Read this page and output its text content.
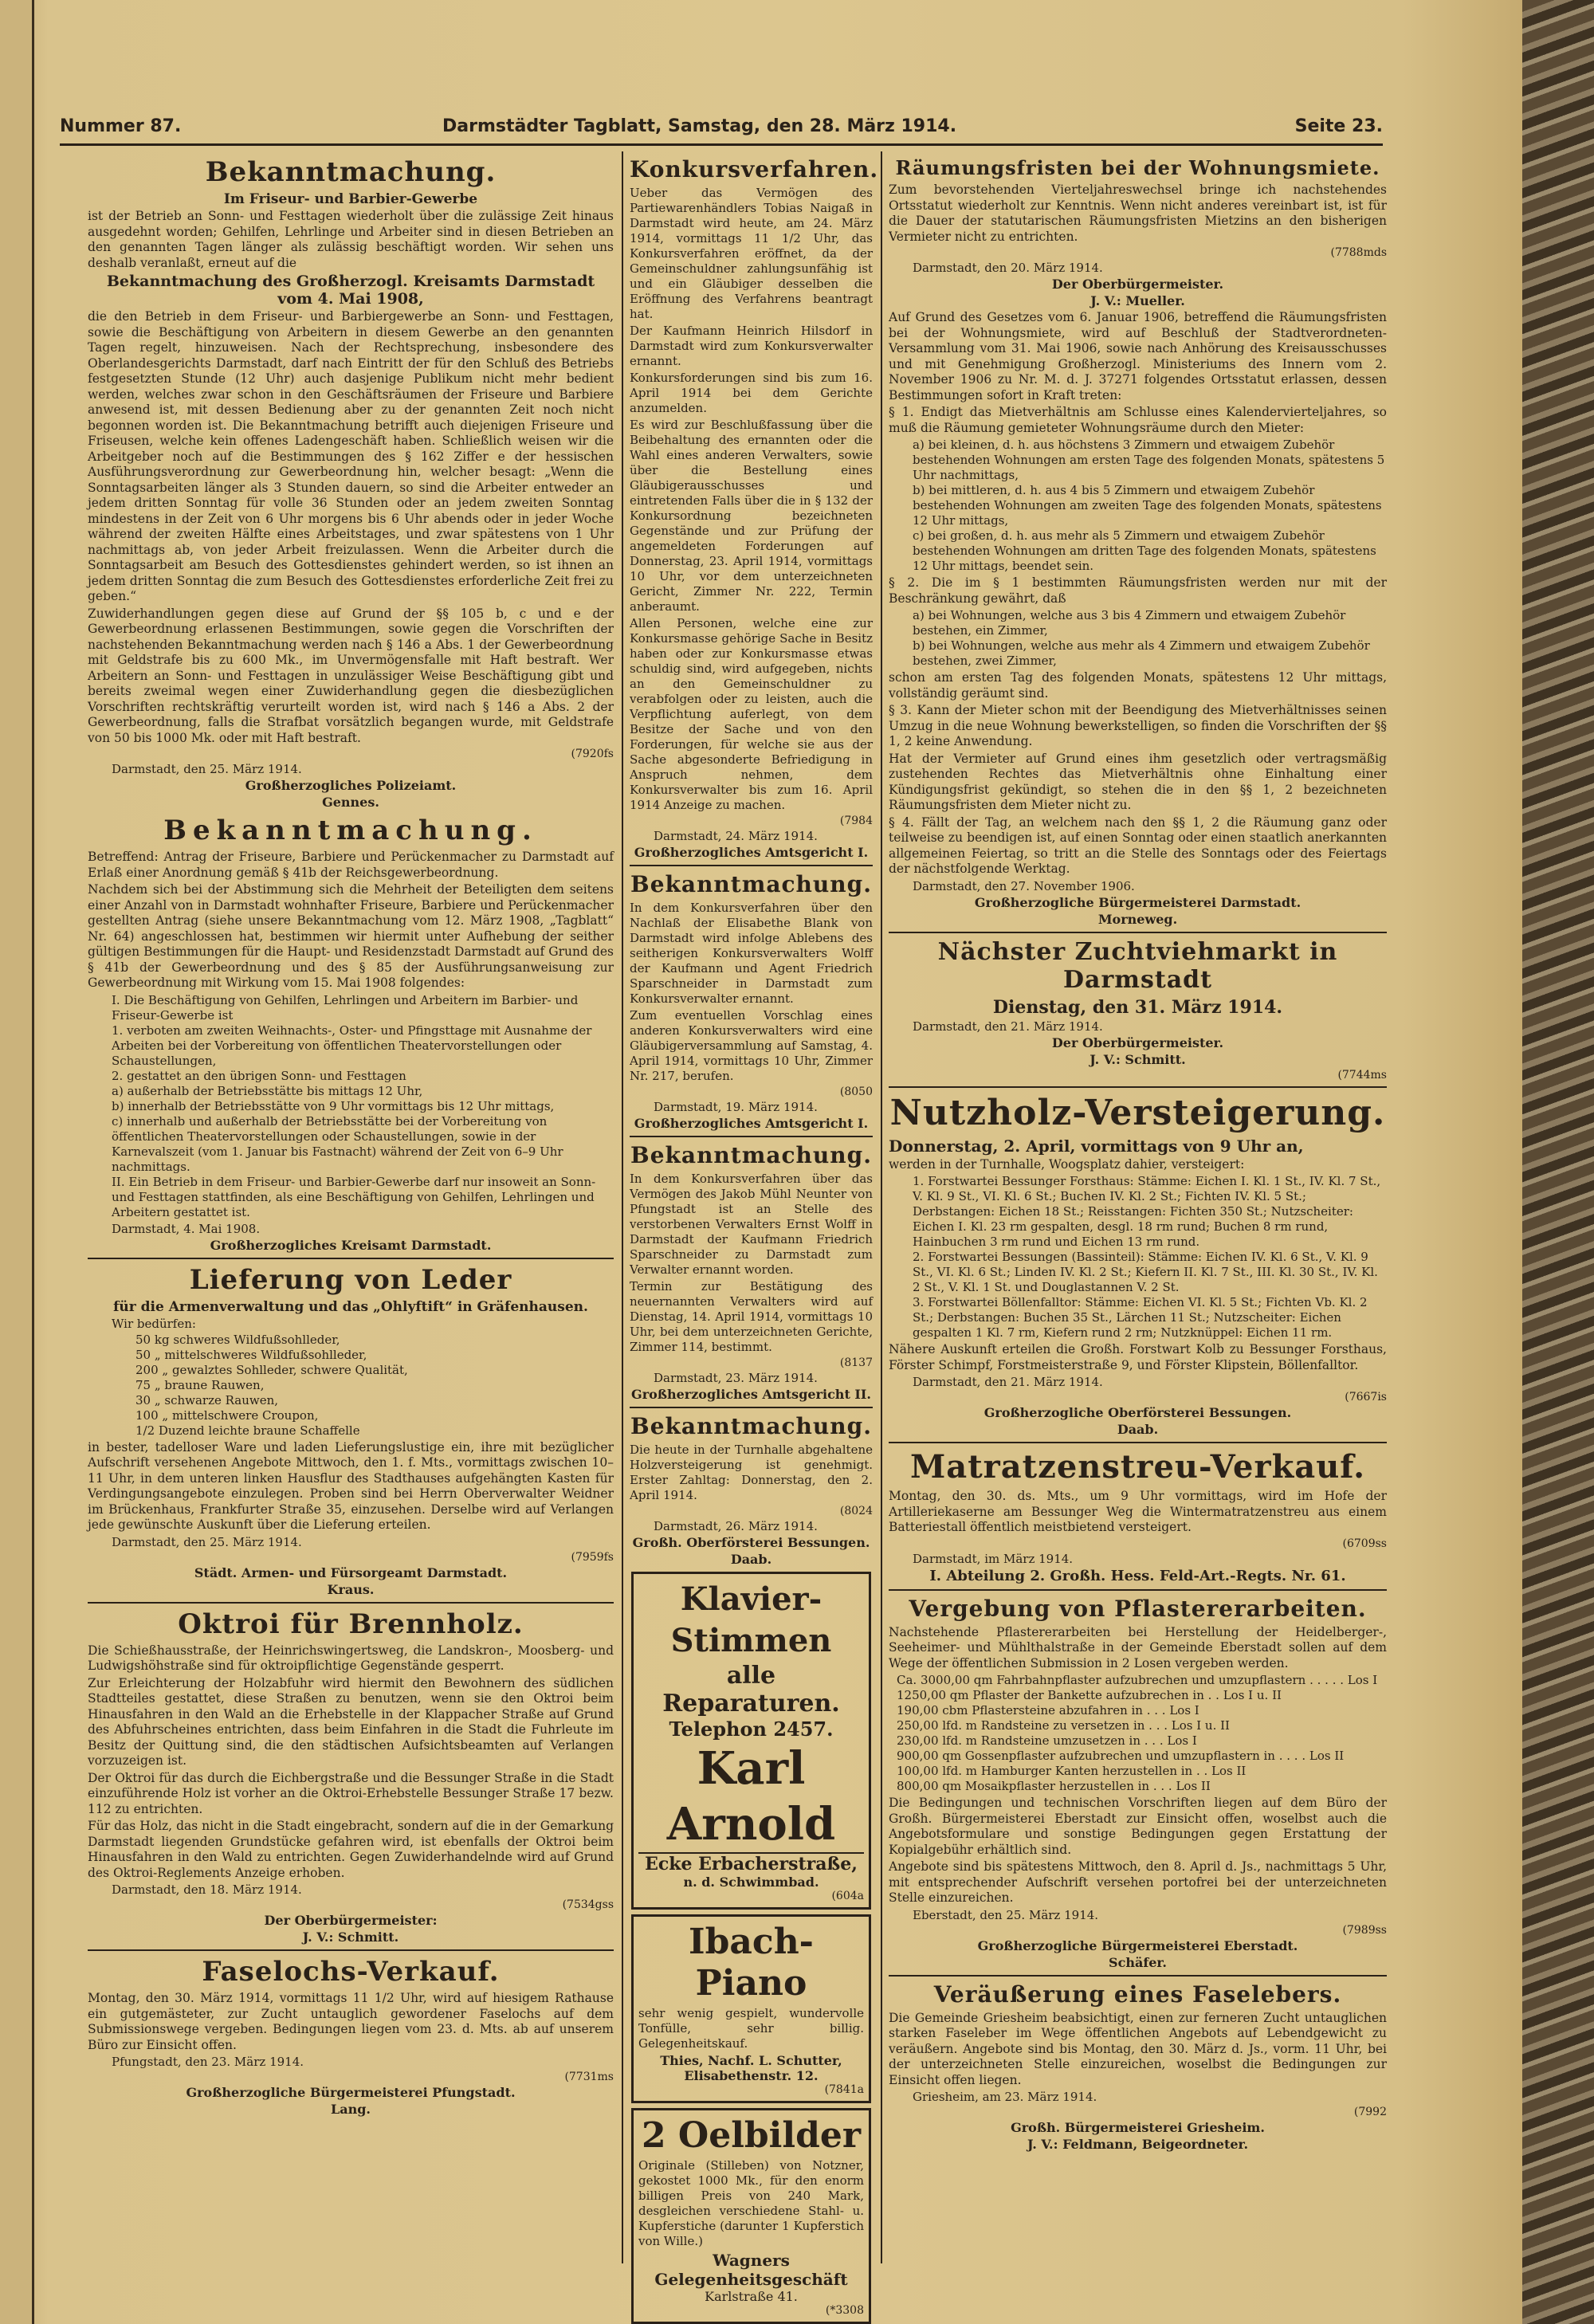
Nummer 87.	Darmstädter Tagblatt, Samstag, den 28. März 1914.	Seite 23.
Bekanntmachung.
Im Friseur- und Barbier-Gewerbe

ist der Betrieb an Sonn- und Festtagen wiederholt über die zulässige Zeit hinaus ausgedehnt worden; Gehilfen, Lehrlinge und Arbeiter sind in diesen Betrieben an den genannten Tagen länger als zulässig beschäftigt worden. Wir sehen uns deshalb veranlaßt, erneut auf die

Bekanntmachung des Großherzogl. Kreisamts Darmstadt vom 4. Mai 1908,

die den Betrieb in dem Friseur- und Barbiergewerbe an Sonn- und Festtagen, sowie die Beschäftigung von Arbeitern in diesem Gewerbe an den genannten Tagen regelt, hinzuweisen. Nach der Rechtsprechung, insbesondere des Oberlandesgerichts Darmstadt, darf nach Eintritt der für den Schluß des Betriebs festgesetzten Stunde (12 Uhr) auch dasjenige Publikum nicht mehr bedient werden, welches zwar schon in den Geschäftsräumen der Friseure und Barbiere anwesend ist, mit dessen Bedienung aber zu der genannten Zeit noch nicht begonnen worden ist. Die Bekanntmachung betrifft auch diejenigen Friseure und Friseusen, welche kein offenes Ladengeschäft haben. Schließlich weisen wir die Arbeitgeber noch auf die Bestimmungen des § 162 Ziffer e der hessischen Ausführungsverordnung zur Gewerbeordnung hin, welcher besagt: „Wenn die Sonntagsarbeiten länger als 3 Stunden dauern, so sind die Arbeiter entweder an jedem dritten Sonntag für volle 36 Stunden oder an jedem zweiten Sonntag mindestens in der Zeit von 6 Uhr morgens bis 6 Uhr abends oder in jeder Woche während der zweiten Hälfte eines Arbeitstages, und zwar spätestens von 1 Uhr nachmittags ab, von jeder Arbeit freizulassen. Wenn die Arbeiter durch die Sonntagsarbeit am Besuch des Gottesdienstes gehindert werden, so ist ihnen an jedem dritten Sonntag die zum Besuch des Gottesdienstes erforderliche Zeit frei zu geben.“

Zuwiderhandlungen gegen diese auf Grund der §§ 105 b, c und e der Gewerbeordnung erlassenen Bestimmungen, sowie gegen die Vorschriften der nachstehenden Bekanntmachung werden nach § 146 a Abs. 1 der Gewerbeordnung mit Geldstrafe bis zu 600 Mk., im Unvermögensfalle mit Haft bestraft. Wer Arbeitern an Sonn- und Festtagen in unzulässiger Weise Beschäftigung gibt und bereits zweimal wegen einer Zuwiderhandlung gegen die diesbezüglichen Vorschriften rechtskräftig verurteilt worden ist, wird nach § 146 a Abs. 2 der Gewerbeordnung, falls die Strafbat vorsätzlich begangen wurde, mit Geldstrafe von 50 bis 1000 Mk. oder mit Haft bestraft.

(7920fs
Darmstadt, den 25. März 1914.
Großherzogliches Polizeiamt.
Gennes.
Bekanntmachung.

Betreffend: Antrag der Friseure, Barbiere und Perückenmacher zu Darmstadt auf Erlaß einer Anordnung gemäß § 41b der Reichsgewerbeordnung.

Nachdem sich bei der Abstimmung sich die Mehrheit der Beteiligten dem seitens einer Anzahl von in Darmstadt wohnhafter Friseure, Barbiere und Perückenmacher gestellten Antrag (siehe unsere Bekanntmachung vom 12. März 1908, „Tagblatt“ Nr. 64) angeschlossen hat, bestimmen wir hiermit unter Aufhebung der seither gültigen Bestimmungen für die Haupt- und Residenzstadt Darmstadt auf Grund des § 41b der Gewerbeordnung und des § 85 der Ausführungsanweisung zur Gewerbeordnung mit Wirkung vom 15. Mai 1908 folgendes:

I. Die Beschäftigung von Gehilfen, Lehrlingen und Arbeitern im Barbier- und Friseur-Gewerbe ist
1. verboten am zweiten Weihnachts-, Oster- und Pfingsttage mit Ausnahme der Arbeiten bei der Vorbereitung von öffentlichen Theatervorstellungen oder Schaustellungen,
2. gestattet an den übrigen Sonn- und Festtagen
a) außerhalb der Betriebsstätte bis mittags 12 Uhr,
b) innerhalb der Betriebsstätte von 9 Uhr vormittags bis 12 Uhr mittags,
c) innerhalb und außerhalb der Betriebsstätte bei der Vorbereitung von öffentlichen Theatervorstellungen oder Schaustellungen, sowie in der Karnevalszeit (vom 1. Januar bis Fastnacht) während der Zeit von 6–9 Uhr nachmittags.
II. Ein Betrieb in dem Friseur- und Barbier-Gewerbe darf nur insoweit an Sonn- und Festtagen stattfinden, als eine Beschäftigung von Gehilfen, Lehrlingen und Arbeitern gestattet ist.
Darmstadt, 4. Mai 1908.
Großherzogliches Kreisamt Darmstadt.
Lieferung von Leder
für die Armenverwaltung und das „Ohlyftift“ in Gräfenhausen.
Wir bedürfen:
50 kg schweres Wildfußsohlleder,
50 „ mittelschweres Wildfußsohlleder,
200 „ gewalztes Sohlleder, schwere Qualität,
75 „ braune Rauwen,
30 „ schwarze Rauwen,
100 „ mittelschwere Croupon,
1/2 Duzend leichte braune Schaffelle

in bester, tadelloser Ware und laden Lieferungslustige ein, ihre mit bezüglicher Aufschrift versehenen Angebote Mittwoch, den 1. f. Mts., vormittags zwischen 10–11 Uhr, in dem unteren linken Hausflur des Stadthauses aufgehängten Kasten für Verdingungsangebote einzulegen. Proben sind bei Herrn Oberverwalter Weidner im Brückenhaus, Frankfurter Straße 35, einzusehen. Derselbe wird auf Verlangen jede gewünschte Auskunft über die Lieferung erteilen.

Darmstadt, den 25. März 1914.
(7959fs
Städt. Armen- und Fürsorgeamt Darmstadt.
Kraus.
Oktroi für Brennholz.

Die Schießhausstraße, der Heinrichswingertsweg, die Landskron-, Moosberg- und Ludwigshöhstraße sind für oktroipflichtige Gegenstände gesperrt.

Zur Erleichterung der Holzabfuhr wird hiermit den Bewohnern des südlichen Stadtteiles gestattet, diese Straßen zu benutzen, wenn sie den Oktroi beim Hinausfahren in den Wald an die Erhebstelle in der Klappacher Straße auf Grund des Abfuhrscheines entrichten, dass beim Einfahren in die Stadt die Fuhrleute im Besitz der Quittung sind, die den städtischen Aufsichtsbeamten auf Verlangen vorzuzeigen ist.

Der Oktroi für das durch die Eichbergstraße und die Bessunger Straße in die Stadt einzuführende Holz ist vorher an die Oktroi-Erhebstelle Bessunger Straße 17 bezw. 112 zu entrichten.

Für das Holz, das nicht in die Stadt eingebracht, sondern auf die in der Gemarkung Darmstadt liegenden Grundstücke gefahren wird, ist ebenfalls der Oktroi beim Hinausfahren in den Wald zu entrichten. Gegen Zuwiderhandelnde wird auf Grund des Oktroi-Reglements Anzeige erhoben.

Darmstadt, den 18. März 1914.
(7534gss
Der Oberbürgermeister:
J. V.: Schmitt.
Faselochs-Verkauf.

Montag, den 30. März 1914, vormittags 11 1/2 Uhr, wird auf hiesigem Rathause ein gutgemästeter, zur Zucht untauglich gewordener Faselochs auf dem Submissionswege vergeben. Bedingungen liegen vom 23. d. Mts. ab auf unserem Büro zur Einsicht offen.

Pfungstadt, den 23. März 1914.
(7731ms
Großherzogliche Bürgermeisterei Pfungstadt.
Lang.
Konkursverfahren.

Ueber das Vermögen des Partiewarenhändlers Tobias Naigaß in Darmstadt wird heute, am 24. März 1914, vormittags 11 1/2 Uhr, das Konkursverfahren eröffnet, da der Gemeinschuldner zahlungsunfähig ist und ein Gläubiger desselben die Eröffnung des Verfahrens beantragt hat.

Der Kaufmann Heinrich Hilsdorf in Darmstadt wird zum Konkursverwalter ernannt.

Konkursforderungen sind bis zum 16. April 1914 bei dem Gerichte anzumelden.

Es wird zur Beschlußfassung über die Beibehaltung des ernannten oder die Wahl eines anderen Verwalters, sowie über die Bestellung eines Gläubigerausschusses und eintretenden Falls über die in § 132 der Konkursordnung bezeichneten Gegenstände und zur Prüfung der angemeldeten Forderungen auf Donnerstag, 23. April 1914, vormittags 10 Uhr, vor dem unterzeichneten Gericht, Zimmer Nr. 222, Termin anberaumt.

Allen Personen, welche eine zur Konkursmasse gehörige Sache in Besitz haben oder zur Konkursmasse etwas schuldig sind, wird aufgegeben, nichts an den Gemeinschuldner zu verabfolgen oder zu leisten, auch die Verpflichtung auferlegt, von dem Besitze der Sache und von den Forderungen, für welche sie aus der Sache abgesonderte Befriedigung in Anspruch nehmen, dem Konkursverwalter bis zum 16. April 1914 Anzeige zu machen.

(7984
Darmstadt, 24. März 1914.
Großherzogliches Amtsgericht I.
Bekanntmachung.

In dem Konkursverfahren über den Nachlaß der Elisabethe Blank von Darmstadt wird infolge Ablebens des seitherigen Konkursverwalters Wolff der Kaufmann und Agent Friedrich Sparschneider in Darmstadt zum Konkursverwalter ernannt.

Zum eventuellen Vorschlag eines anderen Konkursverwalters wird eine Gläubigerversammlung auf Samstag, 4. April 1914, vormittags 10 Uhr, Zimmer Nr. 217, berufen.

(8050
Darmstadt, 19. März 1914.
Großherzogliches Amtsgericht I.
Bekanntmachung.

In dem Konkursverfahren über das Vermögen des Jakob Mühl Neunter von Pfungstadt ist an Stelle des verstorbenen Verwalters Ernst Wolff in Darmstadt der Kaufmann Friedrich Sparschneider zu Darmstadt zum Verwalter ernannt worden.

Termin zur Bestätigung des neuernannten Verwalters wird auf Dienstag, 14. April 1914, vormittags 10 Uhr, bei dem unterzeichneten Gerichte, Zimmer 114, bestimmt.

(8137
Darmstadt, 23. März 1914.
Großherzogliches Amtsgericht II.
Bekanntmachung.

Die heute in der Turnhalle abgehaltene Holzversteigerung ist genehmigt. Erster Zahltag: Donnerstag, den 2. April 1914.

(8024
Darmstadt, 26. März 1914.
Großh. Oberförsterei Bessungen.
Daab.
Klavier-Stimmen
alle Reparaturen.
Telephon 2457.
Karl Arnold
Ecke Erbacherstraße,
n. d. Schwimmbad.
(604a
Ibach-Piano

sehr wenig gespielt, wundervolle Tonfülle, sehr billig. Gelegenheitskauf.

Thies, Nachf. L. Schutter, Elisabethenstr. 12.
(7841a
2 Oelbilder

Originale (Stilleben) von Notzner, gekostet 1000 Mk., für den enorm billigen Preis von 240 Mark, desgleichen verschiedene Stahl- u. Kupferstiche (darunter 1 Kupferstich von Wille.)

Wagners Gelegenheitsgeschäft
Karlstraße 41.
(*3308
Räumungsfristen bei der Wohnungsmiete.

Zum bevorstehenden Vierteljahreswechsel bringe ich nachstehendes Ortsstatut wiederholt zur Kenntnis. Wenn nicht anderes vereinbart ist, ist für die Dauer der statutarischen Räumungsfristen Mietzins an den bisherigen Vermieter nicht zu entrichten.

(7788mds
Darmstadt, den 20. März 1914.
Der Oberbürgermeister.
J. V.: Mueller.

Auf Grund des Gesetzes vom 6. Januar 1906, betreffend die Räumungsfristen bei der Wohnungsmiete, wird auf Beschluß der Stadtverordneten-Versammlung vom 31. Mai 1906, sowie nach Anhörung des Kreisausschusses und mit Genehmigung Großherzogl. Ministeriums des Innern vom 2. November 1906 zu Nr. M. d. J. 37271 folgendes Ortsstatut erlassen, dessen Bestimmungen sofort in Kraft treten:

§ 1. Endigt das Mietverhältnis am Schlusse eines Kalendervierteljahres, so muß die Räumung gemieteter Wohnungsräume durch den Mieter:

a) bei kleinen, d. h. aus höchstens 3 Zimmern und etwaigem Zubehör bestehenden Wohnungen am ersten Tage des folgenden Monats, spätestens 5 Uhr nachmittags,
b) bei mittleren, d. h. aus 4 bis 5 Zimmern und etwaigem Zubehör bestehenden Wohnungen am zweiten Tage des folgenden Monats, spätestens 12 Uhr mittags,
c) bei großen, d. h. aus mehr als 5 Zimmern und etwaigem Zubehör bestehenden Wohnungen am dritten Tage des folgenden Monats, spätestens 12 Uhr mittags, beendet sein.

§ 2. Die im § 1 bestimmten Räumungsfristen werden nur mit der Beschränkung gewährt, daß

a) bei Wohnungen, welche aus 3 bis 4 Zimmern und etwaigem Zubehör bestehen, ein Zimmer,
b) bei Wohnungen, welche aus mehr als 4 Zimmern und etwaigem Zubehör bestehen, zwei Zimmer,

schon am ersten Tag des folgenden Monats, spätestens 12 Uhr mittags, vollständig geräumt sind.

§ 3. Kann der Mieter schon mit der Beendigung des Mietverhältnisses seinen Umzug in die neue Wohnung bewerkstelligen, so finden die Vorschriften der §§ 1, 2 keine Anwendung.

Hat der Vermieter auf Grund eines ihm gesetzlich oder vertragsmäßig zustehenden Rechtes das Mietverhältnis ohne Einhaltung einer Kündigungsfrist gekündigt, so stehen die in den §§ 1, 2 bezeichneten Räumungsfristen dem Mieter nicht zu.

§ 4. Fällt der Tag, an welchem nach den §§ 1, 2 die Räumung ganz oder teilweise zu beendigen ist, auf einen Sonntag oder einen staatlich anerkannten allgemeinen Feiertag, so tritt an die Stelle des Sonntags oder des Feiertags der nächstfolgende Werktag.

Darmstadt, den 27. November 1906.
Großherzogliche Bürgermeisterei Darmstadt.
Morneweg.
Nächster Zuchtviehmarkt in Darmstadt
Dienstag, den 31. März 1914.
Darmstadt, den 21. März 1914.
Der Oberbürgermeister.
J. V.: Schmitt.
(7744ms
Nutzholz-Versteigerung.
Donnerstag, 2. April, vormittags von 9 Uhr an,

werden in der Turnhalle, Woogsplatz dahier, versteigert:

1. Forstwartei Bessunger Forsthaus: Stämme: Eichen I. Kl. 1 St., IV. Kl. 7 St., V. Kl. 9 St., VI. Kl. 6 St.; Buchen IV. Kl. 2 St.; Fichten IV. Kl. 5 St.; Derbstangen: Eichen 18 St.; Reisstangen: Fichten 350 St.; Nutzscheiter: Eichen I. Kl. 23 rm gespalten, desgl. 18 rm rund; Buchen 8 rm rund, Hainbuchen 3 rm rund und Eichen 13 rm rund.
2. Forstwartei Bessungen (Bassinteil): Stämme: Eichen IV. Kl. 6 St., V. Kl. 9 St., VI. Kl. 6 St.; Linden IV. Kl. 2 St.; Kiefern II. Kl. 7 St., III. Kl. 30 St., IV. Kl. 2 St., V. Kl. 1 St. und Douglastannen V. 2 St.
3. Forstwartei Böllenfalltor: Stämme: Eichen VI. Kl. 5 St.; Fichten Vb. Kl. 2 St.; Derbstangen: Buchen 35 St., Lärchen 11 St.; Nutzscheiter: Eichen gespalten 1 Kl. 7 rm, Kiefern rund 2 rm; Nutzknüppel: Eichen 11 rm.

Nähere Auskunft erteilen die Großh. Forstwart Kolb zu Bessunger Forsthaus, Förster Schimpf, Forstmeisterstraße 9, und Förster Klipstein, Böllenfalltor.

Darmstadt, den 21. März 1914.
(7667is
Großherzogliche Oberförsterei Bessungen.
Daab.
Matratzenstreu-Verkauf.

Montag, den 30. ds. Mts., um 9 Uhr vormittags, wird im Hofe der Artilleriekaserne am Bessunger Weg die Wintermatratzenstreu aus einem Batteriestall öffentlich meistbietend versteigert.

(6709ss
Darmstadt, im März 1914.
I. Abteilung 2. Großh. Hess. Feld-Art.-Regts. Nr. 61.
Vergebung von Pflastererarbeiten.

Nachstehende Pflastererarbeiten bei Herstellung der Heidelberger-, Seeheimer- und Mühlthalstraße in der Gemeinde Eberstadt sollen auf dem Wege der öffentlichen Submission in 2 Losen vergeben werden.

Ca. 3000,00 qm Fahrbahnpflaster aufzubrechen und umzupflastern . . . . . Los I
1250,00 qm Pflaster der Bankette aufzubrechen in . . Los I u. II
190,00 cbm Pflastersteine abzufahren in . . . Los I
250,00 lfd. m Randsteine zu versetzen in . . . Los I u. II
230,00 lfd. m Randsteine umzusetzen in . . . Los I
900,00 qm Gossenpflaster aufzubrechen und umzupflastern in . . . . Los II
100,00 lfd. m Hamburger Kanten herzustellen in . . Los II
800,00 qm Mosaikpflaster herzustellen in . . . Los II

Die Bedingungen und technischen Vorschriften liegen auf dem Büro der Großh. Bürgermeisterei Eberstadt zur Einsicht offen, woselbst auch die Angebotsformulare und sonstige Bedingungen gegen Erstattung der Kopialgebühr erhältlich sind.

Angebote sind bis spätestens Mittwoch, den 8. April d. Js., nachmittags 5 Uhr, mit entsprechender Aufschrift versehen portofrei bei der unterzeichneten Stelle einzureichen.

Eberstadt, den 25. März 1914.
(7989ss
Großherzogliche Bürgermeisterei Eberstadt.
Schäfer.
Veräußerung eines Faselebers.

Die Gemeinde Griesheim beabsichtigt, einen zur ferneren Zucht untauglichen starken Faseleber im Wege öffentlichen Angebots auf Lebendgewicht zu veräußern. Angebote sind bis Montag, den 30. März d. Js., vorm. 11 Uhr, bei der unterzeichneten Stelle einzureichen, woselbst die Bedingungen zur Einsicht offen liegen.

Griesheim, am 23. März 1914.
(7992
Großh. Bürgermeisterei Griesheim.
J. V.: Feldmann, Beigeordneter.
